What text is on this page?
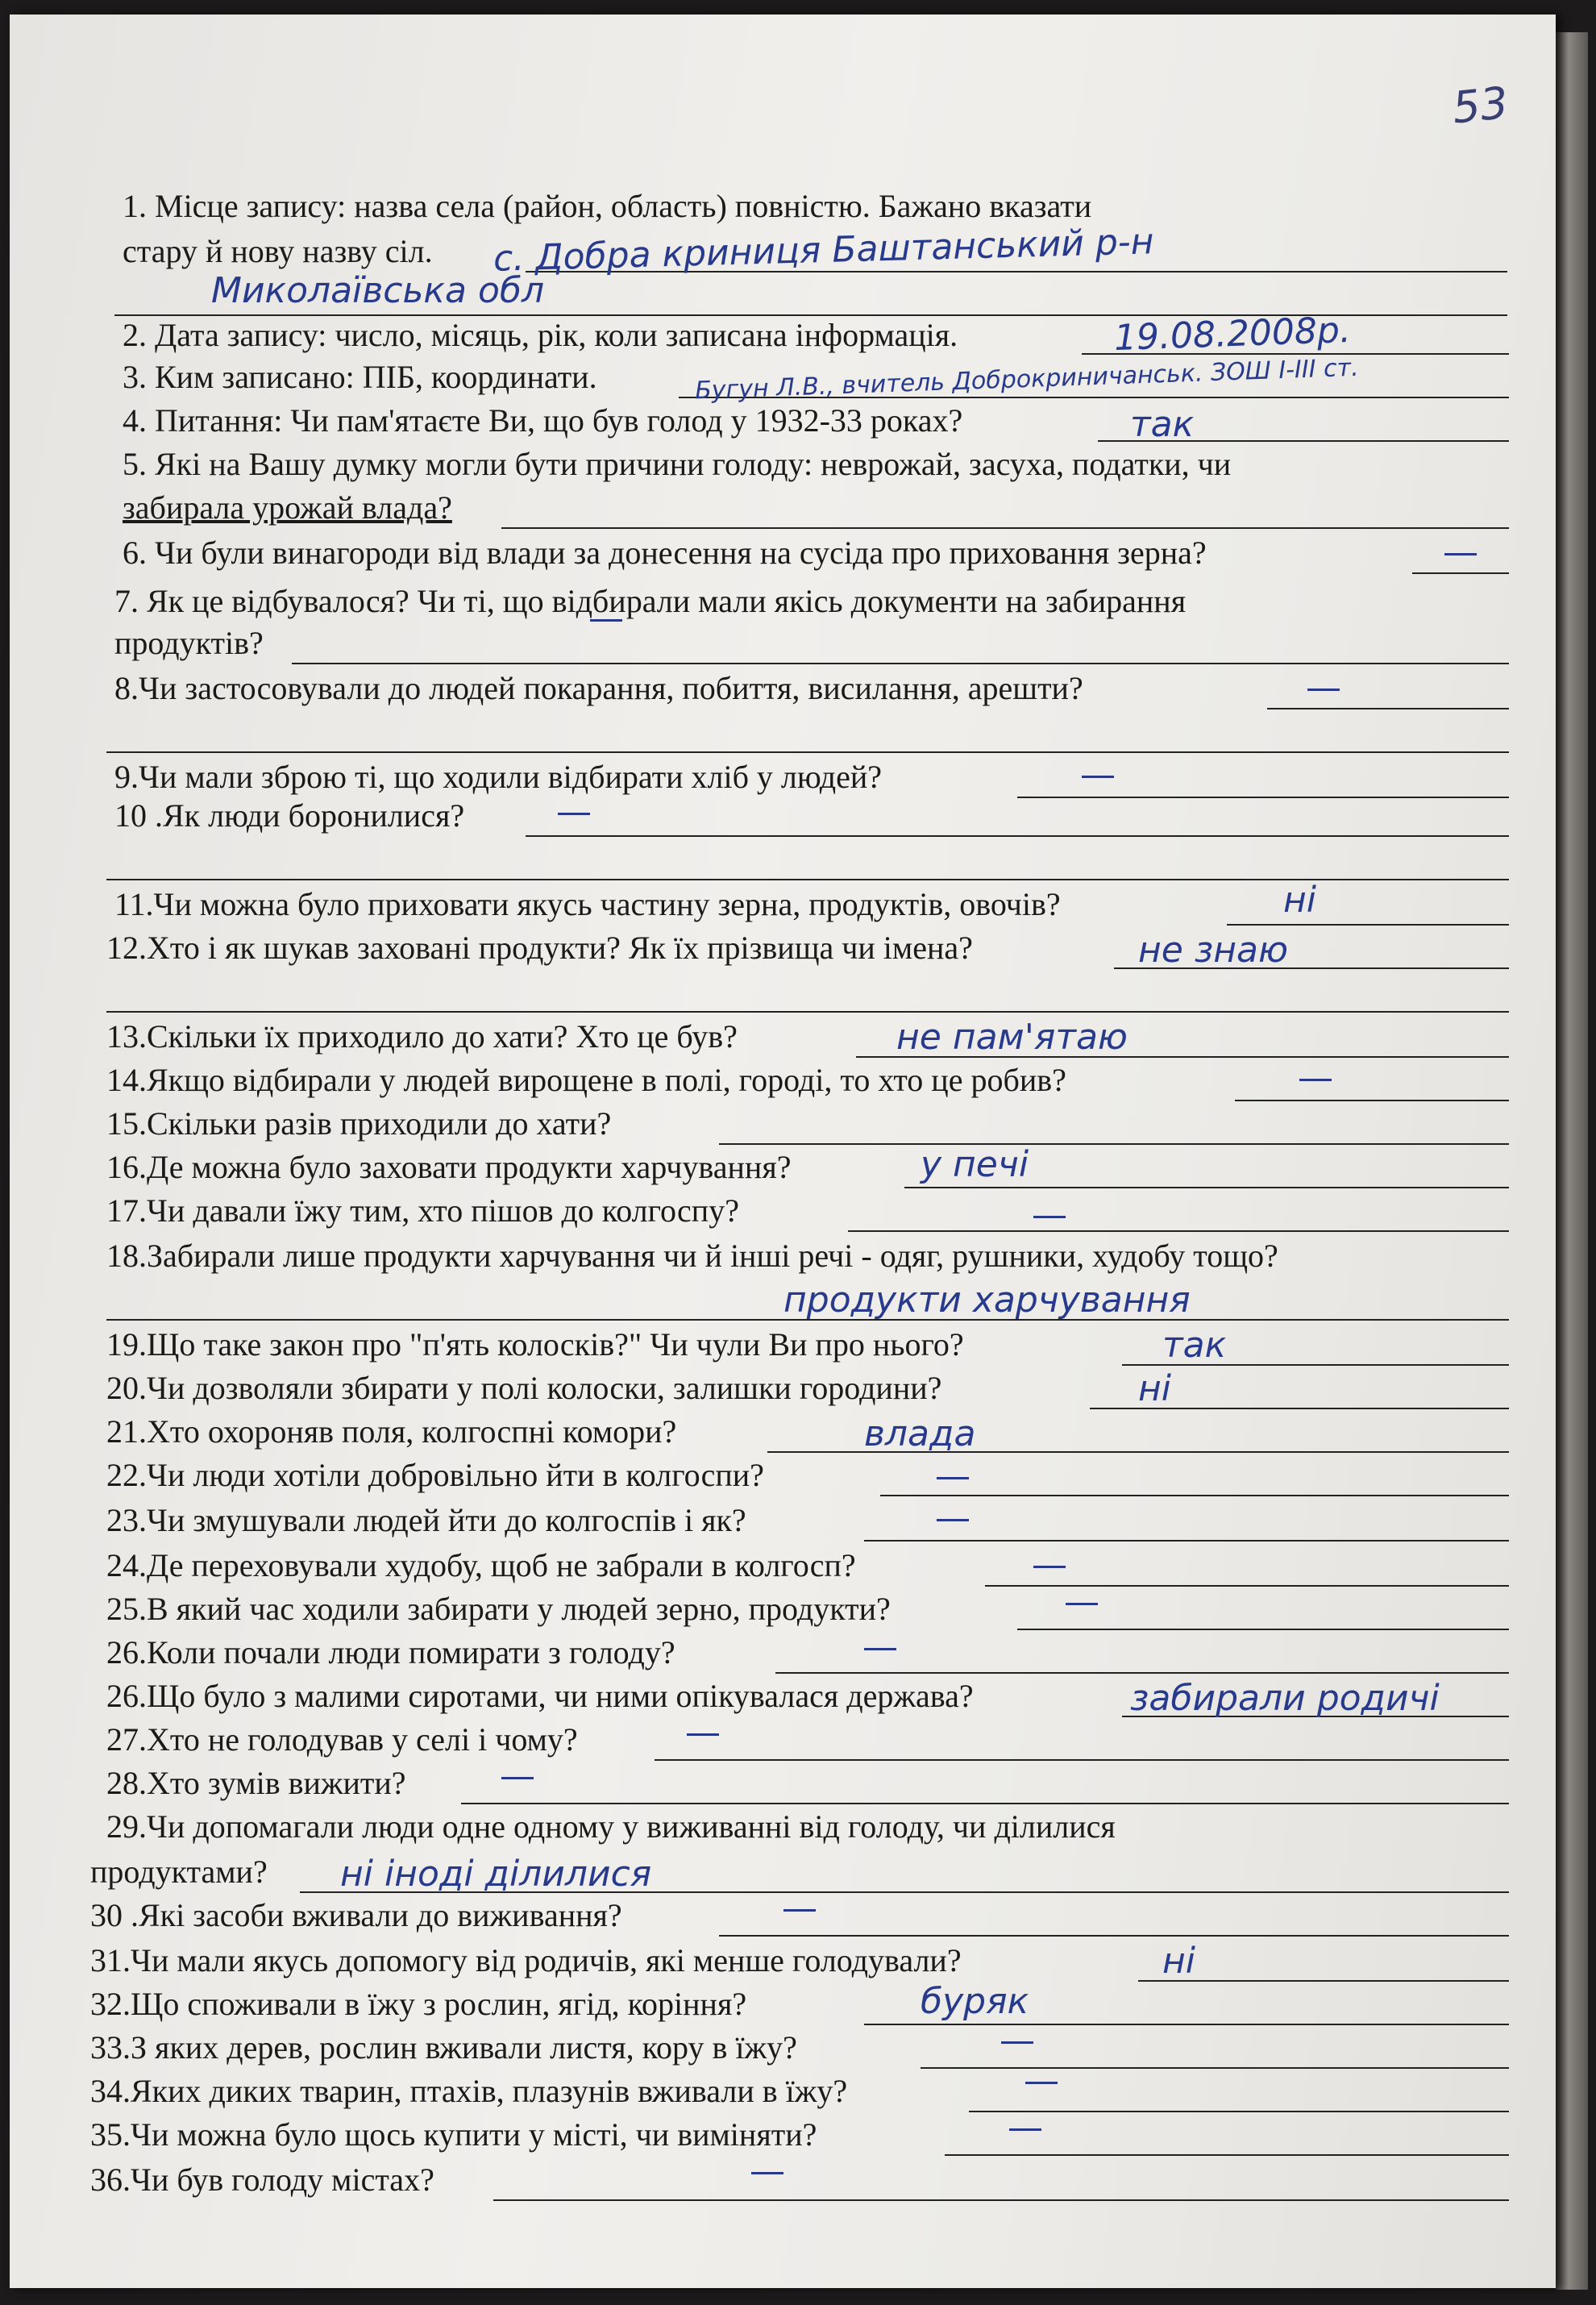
53
1. Місце запису: назва села (район, область) повністю. Бажано вказати
стару й нову назву сіл.
2. Дата запису: число, місяць, рік, коли записана інформація.
3. Ким записано: ПІБ, координати.
4. Питання: Чи пам'ятаєте Ви, що був голод у 1932-33 роках?
5. Які на Вашу думку могли бути причини голоду: неврожай, засуха, податки, чи
забирала урожай влада?
6. Чи були винагороди від влади за донесення на сусіда про приховання зерна?
7. Як це відбувалося? Чи ті, що відбирали мали якісь документи на забирання
продуктів?
8.Чи застосовували до людей покарання, побиття, висилання, арешти?
9.Чи мали зброю ті, що ходили відбирати хліб у людей?
10 .Як люди боронилися?
11.Чи можна було приховати якусь частину зерна, продуктів, овочів?
12.Хто і як шукав заховані продукти? Як їх прізвища чи імена?
13.Скільки їх приходило до хати? Хто це був?
14.Якщо відбирали у людей вирощене в полі, городі, то хто це робив?
15.Скільки разів приходили до хати?
16.Де можна було заховати продукти харчування?
17.Чи давали їжу тим, хто пішов до колгоспу?
18.Забирали лише продукти харчування чи й інші речі - одяг, рушники, худобу тощо?
19.Що таке закон про "п'ять колосків?" Чи чули Ви про нього?
20.Чи дозволяли збирати у полі колоски, залишки городини?
21.Хто охороняв поля, колгоспні комори?
22.Чи люди хотіли добровільно йти в колгоспи?
23.Чи змушували людей йти до колгоспів і як?
24.Де переховували худобу, щоб не забрали в колгосп?
25.В який час ходили забирати у людей зерно, продукти?
26.Коли почали люди помирати з голоду?
26.Що було з малими сиротами, чи ними опікувалася держава?
27.Хто не голодував у селі і чому?
28.Хто зумів вижити?
29.Чи допомагали люди одне одному у виживанні від голоду, чи ділилися
продуктами?
30 .Які засоби вживали до виживання?
31.Чи мали якусь допомогу від родичів, які менше голодували?
32.Що споживали в їжу з рослин, ягід, коріння?
33.З яких дерев, рослин вживали листя, кору в їжу?
34.Яких диких тварин, птахів, плазунів вживали в їжу?
35.Чи можна було щось купити у місті, чи виміняти?
36.Чи був голоду містах?
с. Добра криниця Баштанський р-н
Миколаївська обл
19.08.2008р.
Бугун Л.В., вчитель Доброкриничанськ. ЗОШ І-ІІІ ст.
так
ні
не знаю
не пам'ятаю
у печі
продукти харчування
так
ні
влада
забирали родичі
ні іноді ділилися
ні
буряк
